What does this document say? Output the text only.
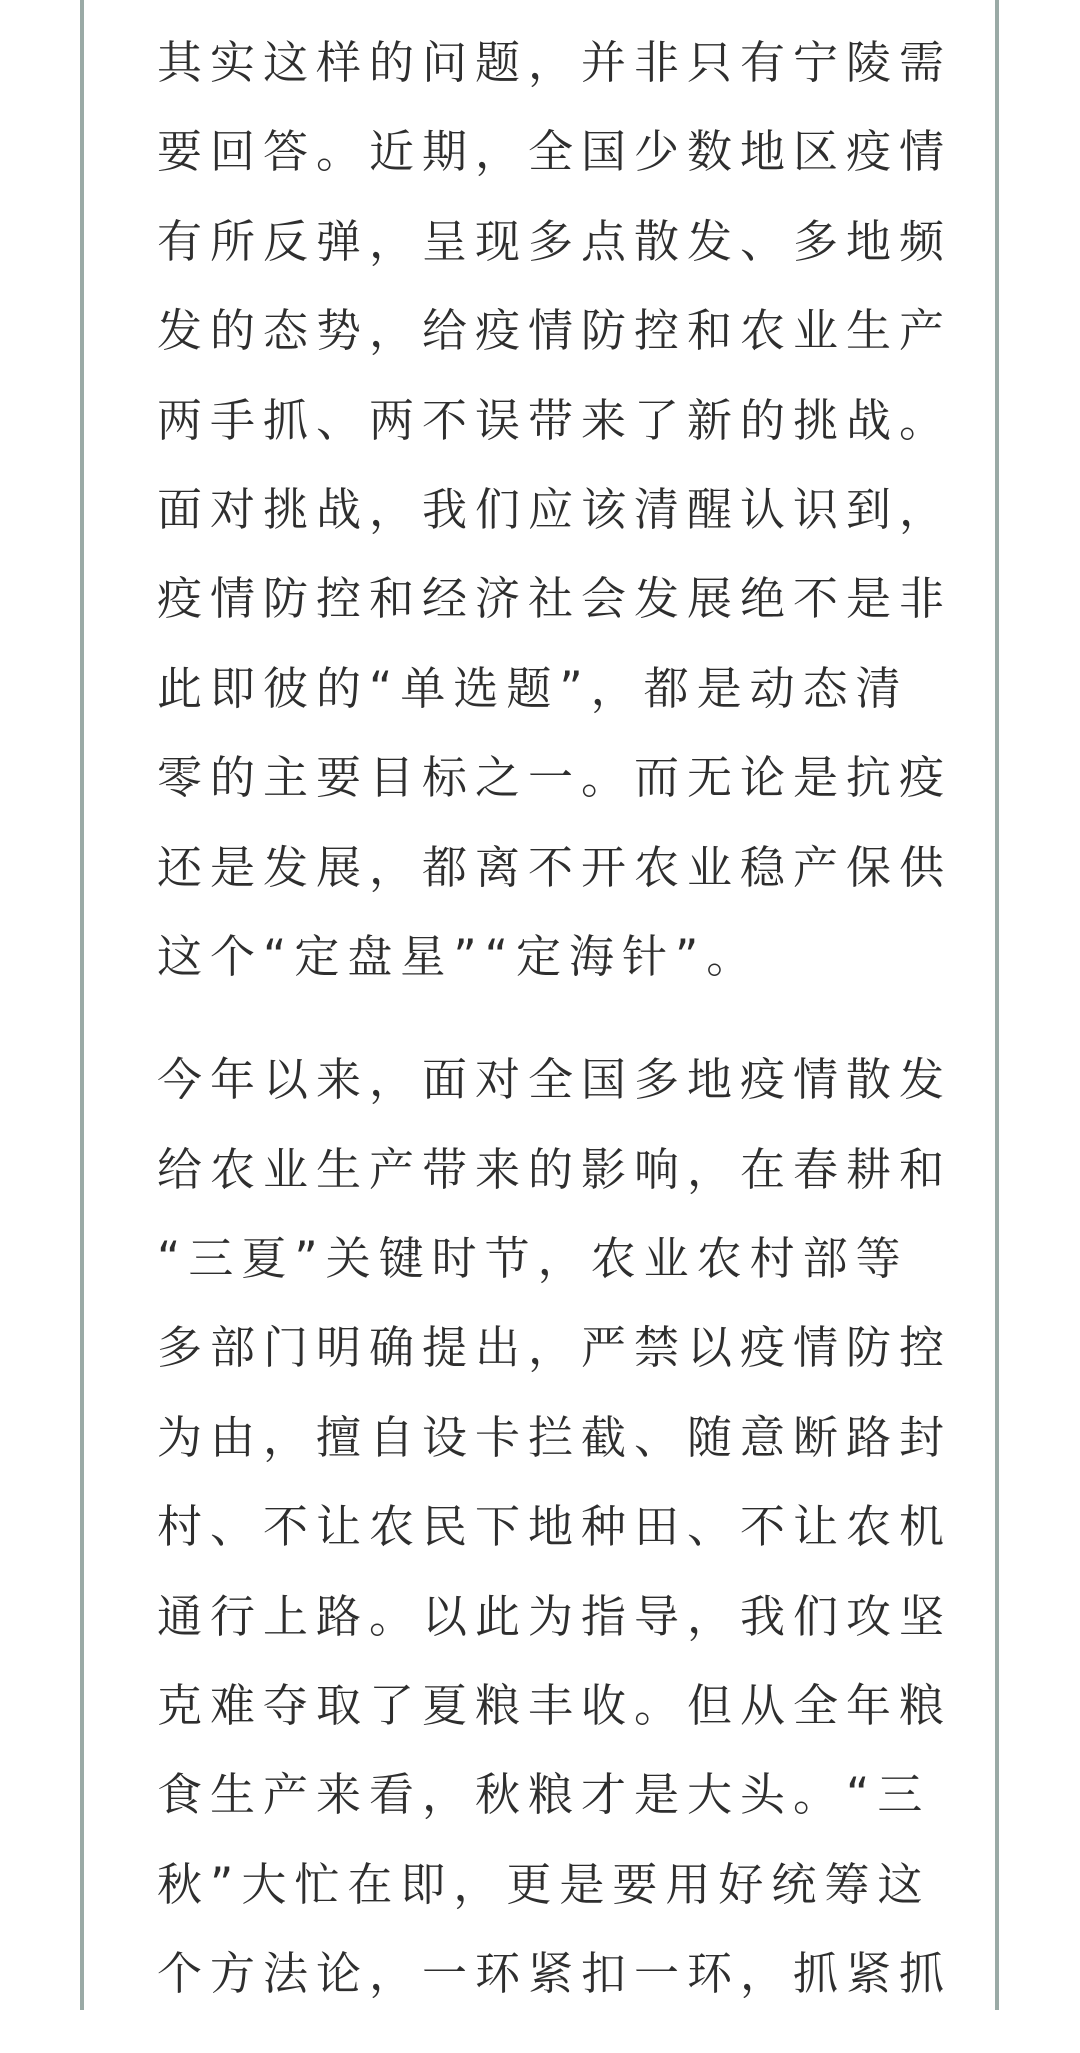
其实这样的问题，并非只有宁陵需
要回答。近期，全国少数地区疫情
有所反弹，呈现多点散发、多地频
发的态势，给疫情防控和农业生产
两手抓、两不误带来了新的挑战。
面对挑战，我们应该清醒认识到，
疫情防控和经济社会发展绝不是非
此即彼的“单选题”，都是动态清
零的主要目标之一。而无论是抗疫
还是发展，都离不开农业稳产保供
这个“定盘星”“定海针”。
今年以来，面对全国多地疫情散发
给农业生产带来的影响，在春耕和
“三夏”关键时节，农业农村部等
多部门明确提出，严禁以疫情防控
为由，擅自设卡拦截、随意断路封
村、不让农民下地种田、不让农机
通行上路。以此为指导，我们攻坚
克难夺取了夏粮丰收。但从全年粮
食生产来看，秋粮才是大头。“三
秋”大忙在即，更是要用好统筹这
个方法论，一环紧扣一环，抓紧抓
